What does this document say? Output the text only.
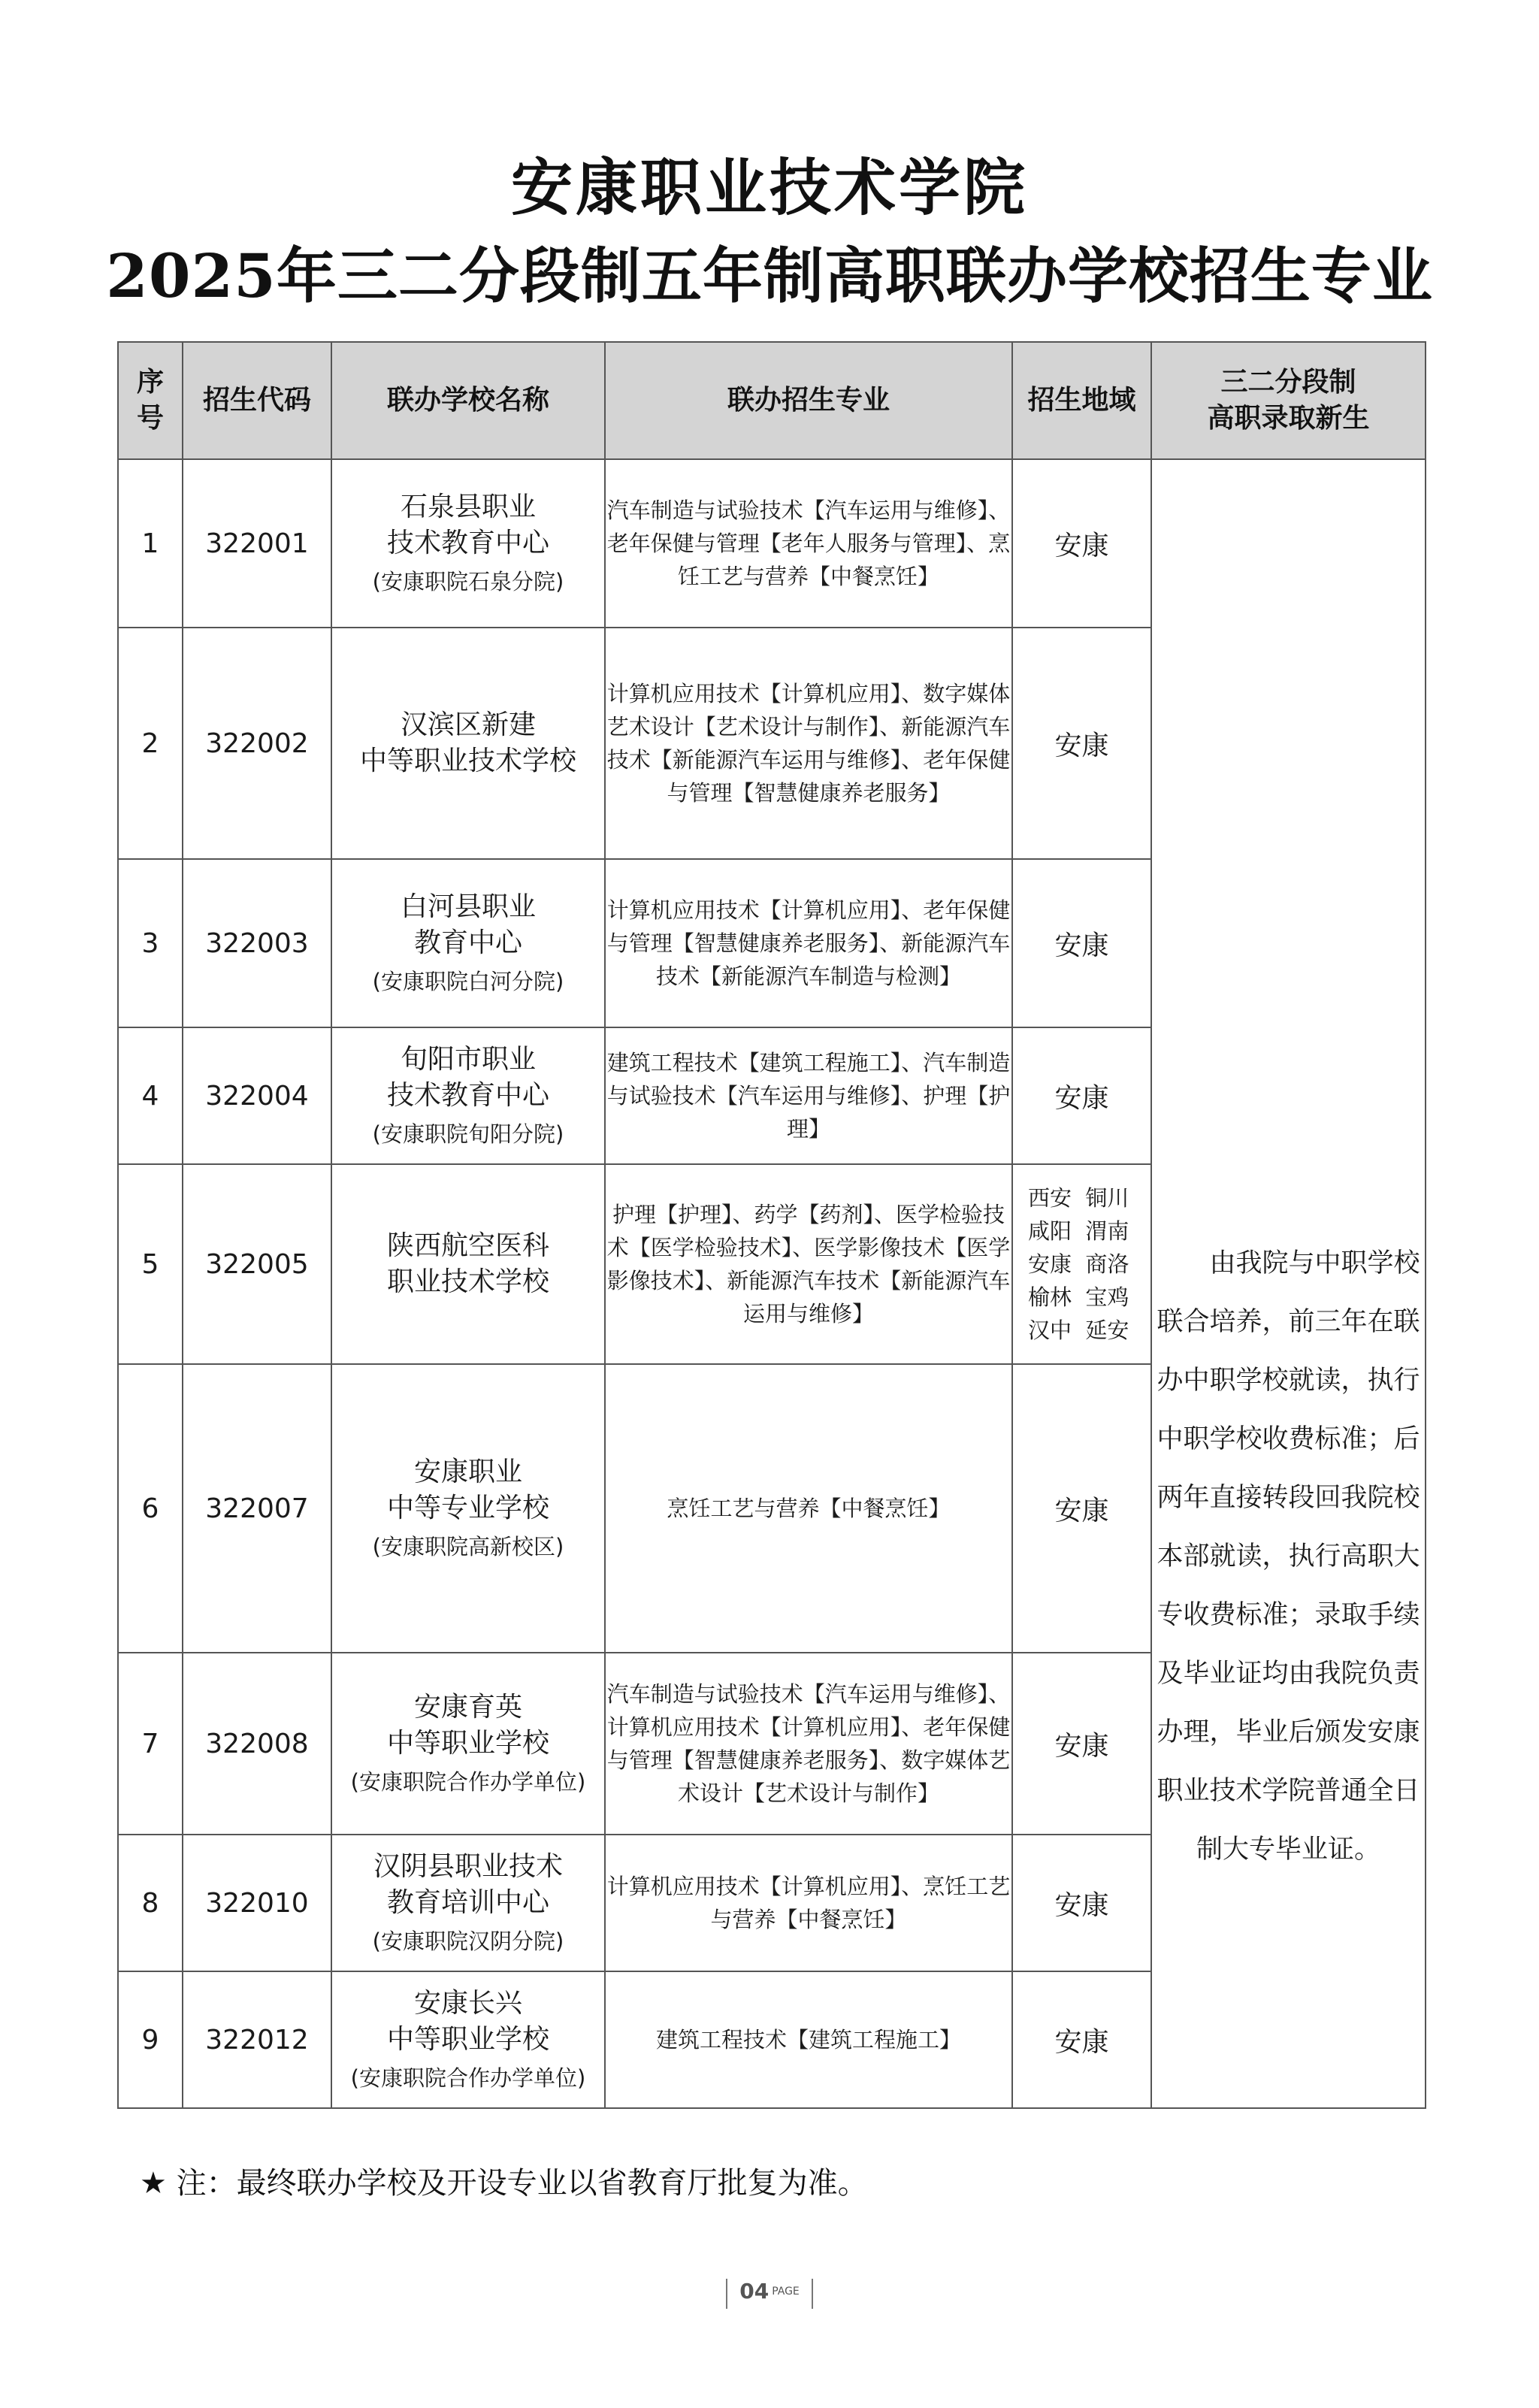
安康职业技术学院
2025年三二分段制五年制高职联办学校招生专业
序
号	招生代码	联办学校名称	联办招生专业	招生地域	三二分段制
高职录取新生
1	322001	石泉县职业
技术教育中心
(安康职院石泉分院)	汽车制造与试验技术【汽车运用与维修】、老年保健与管理【老年人服务与管理】、烹饪工艺与营养【中餐烹饪】	安康	由我院与中职学校联合培养，前三年在联办中职学校就读，执行中职学校收费标准；后两年直接转段回我院校本部就读，执行高职大专收费标准；录取手续及毕业证均由我院负责办理，毕业后颁发安康职业技术学院普通全日制大专毕业证。

2	322002	汉滨区新建
中等职业技术学校	计算机应用技术【计算机应用】、数字媒体艺术设计【艺术设计与制作】、新能源汽车技术【新能源汽车运用与维修】、老年保健与管理【智慧健康养老服务】	安康	
3	322003	白河县职业
教育中心
(安康职院白河分院)	计算机应用技术【计算机应用】、老年保健与管理【智慧健康养老服务】、新能源汽车技术【新能源汽车制造与检测】	安康	
4	322004	旬阳市职业
技术教育中心
(安康职院旬阳分院)	建筑工程技术【建筑工程施工】、汽车制造与试验技术【汽车运用与维修】、护理【护理】	安康	
5	322005	陕西航空医科
职业技术学校	护理【护理】、药学【药剂】、医学检验技术【医学检验技术】、医学影像技术【医学影像技术】、新能源汽车技术【新能源汽车运用与维修】	西安  铜川
咸阳  渭南
安康  商洛
榆林  宝鸡
汉中  延安	

6	322007	安康职业
中等专业学校
(安康职院高新校区)	烹饪工艺与营养【中餐烹饪】	安康	
7	322008	安康育英
中等职业学校
(安康职院合作办学单位)	汽车制造与试验技术【汽车运用与维修】、计算机应用技术【计算机应用】、老年保健与管理【智慧健康养老服务】、数字媒体艺术设计【艺术设计与制作】	安康	
8	322010	汉阴县职业技术
教育培训中心
(安康职院汉阴分院)	计算机应用技术【计算机应用】、烹饪工艺与营养【中餐烹饪】	安康	
9	322012	安康长兴
中等职业学校
(安康职院合作办学单位)	建筑工程技术【建筑工程施工】	安康	
★ 注：最终联办学校及开设专业以省教育厅批复为准。
04 PAGE
